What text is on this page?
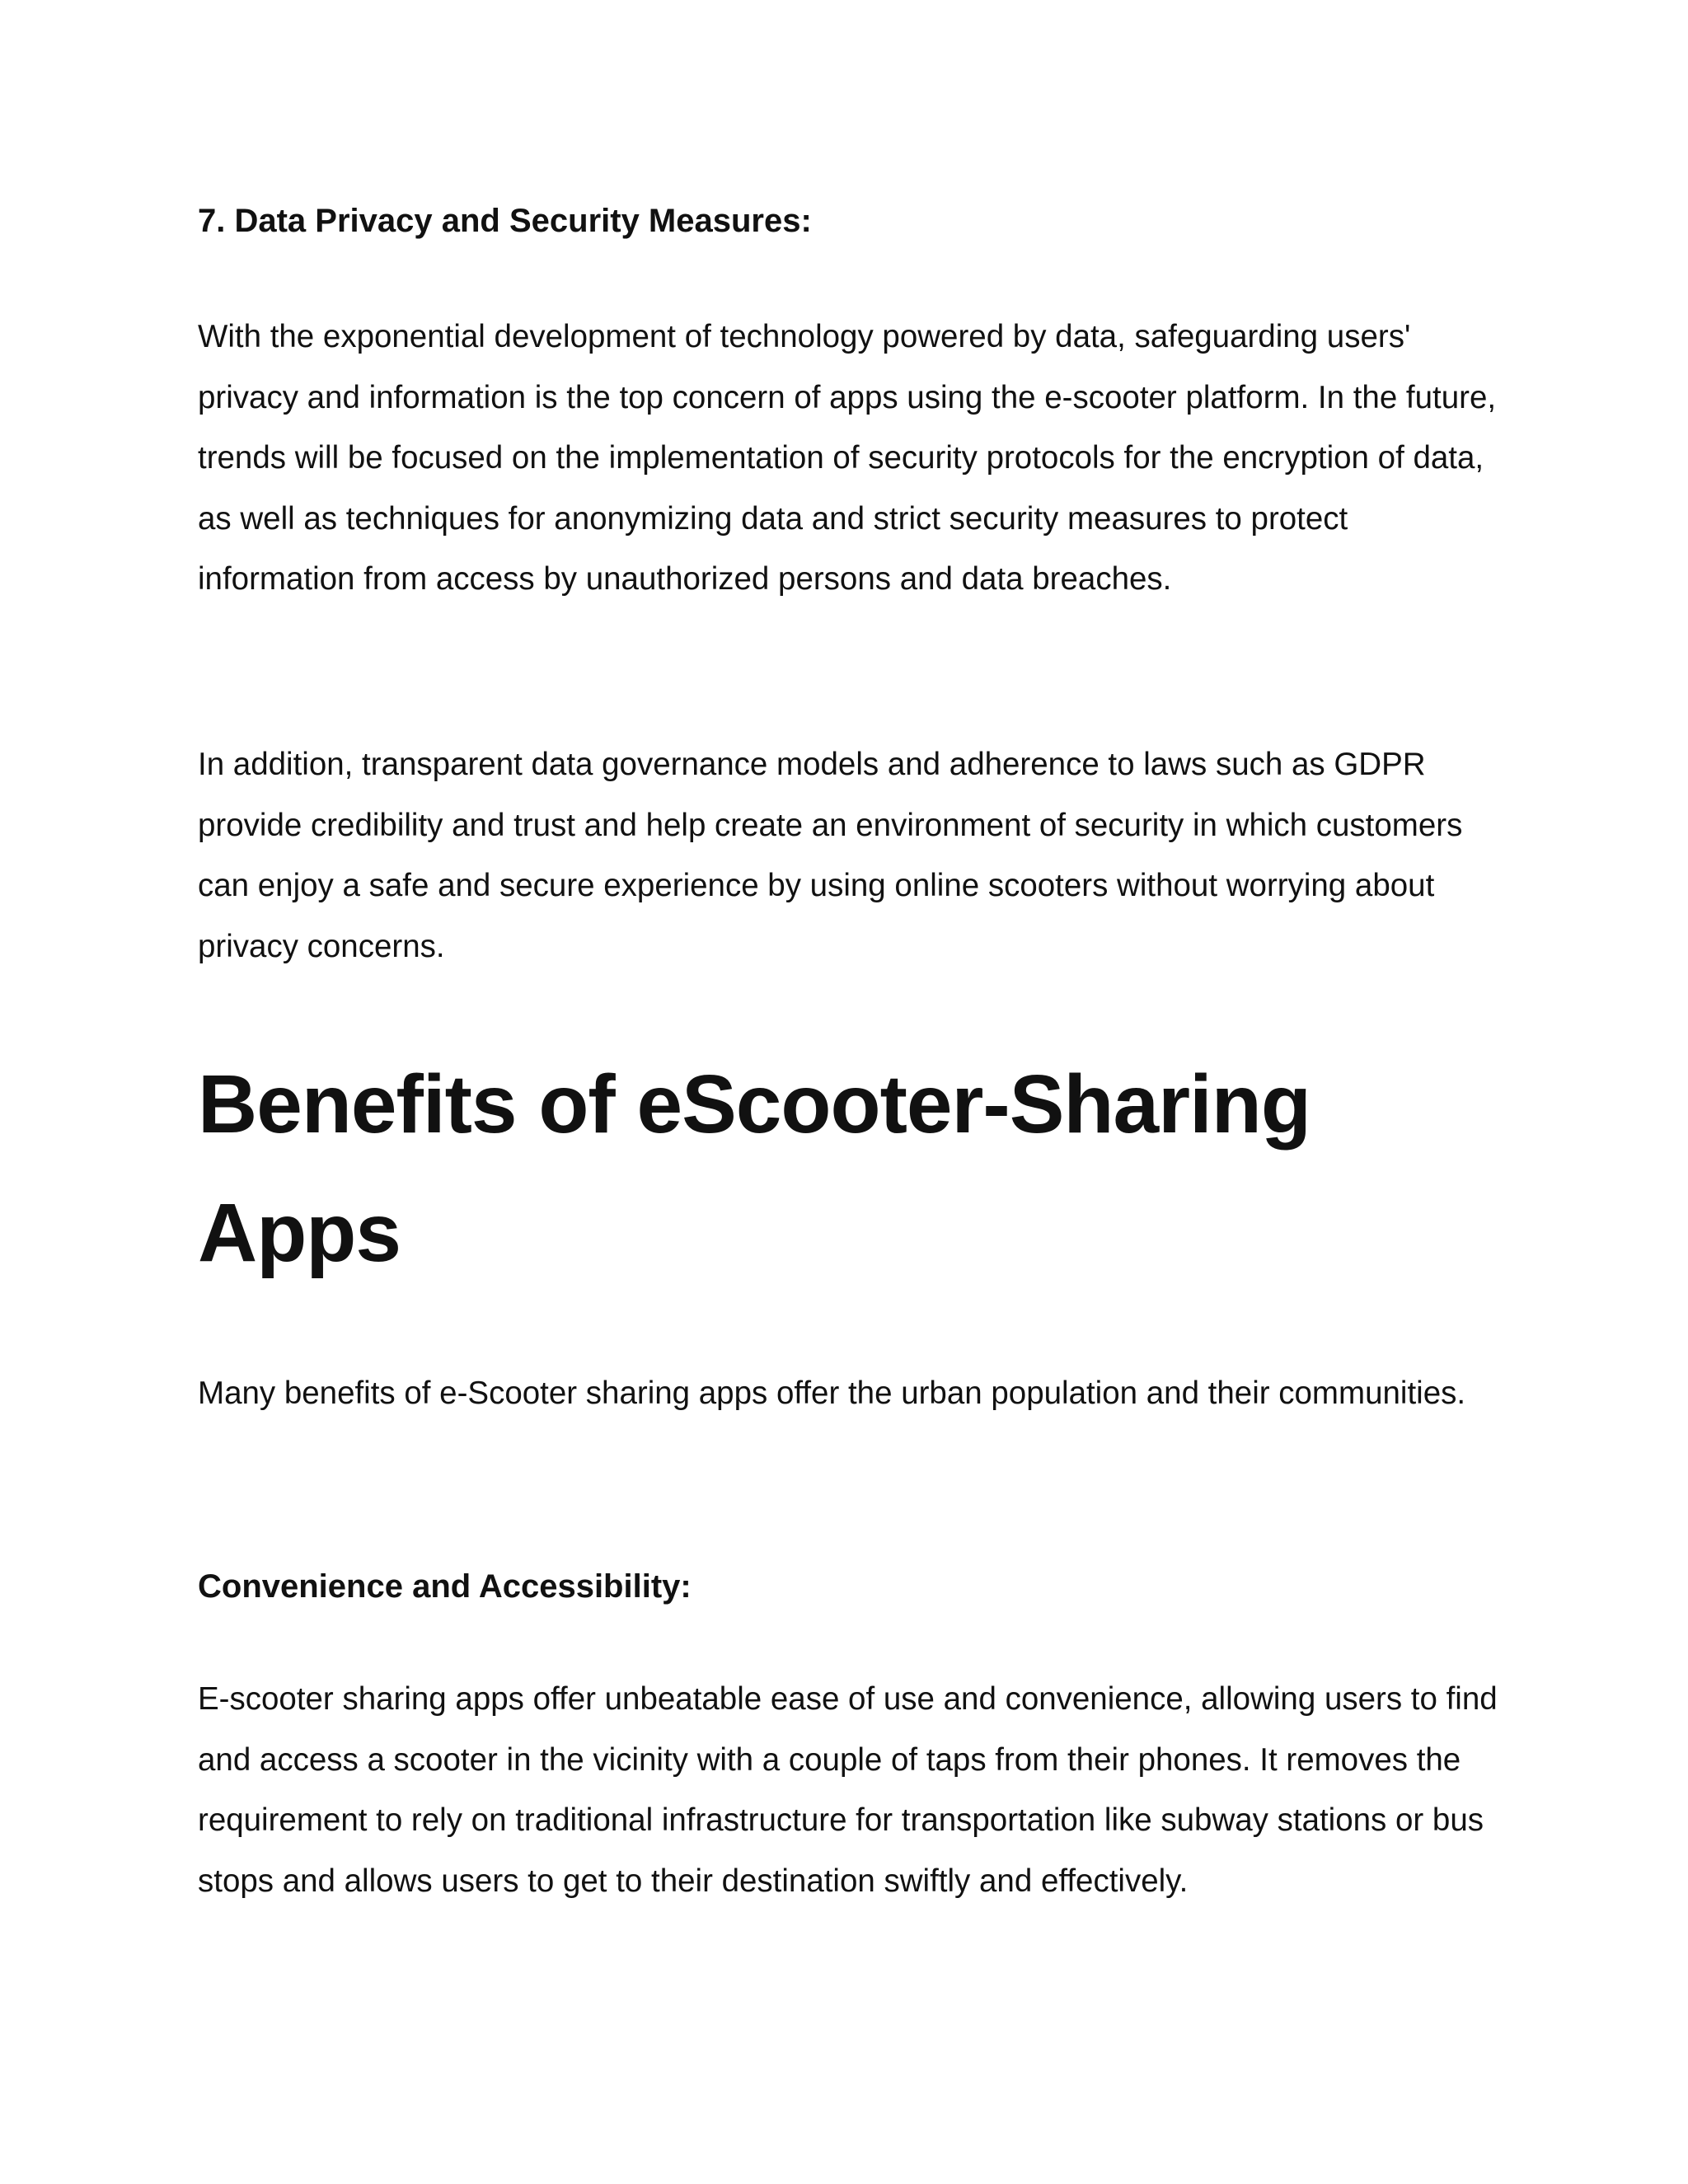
7. Data Privacy and Security Measures:

With the exponential development of technology powered by data, safeguarding users' privacy and information is the top concern of apps using the e-scooter platform. In the future, trends will be focused on the implementation of security protocols for the encryption of data, as well as techniques for anonymizing data and strict security measures to protect information from access by unauthorized persons and data breaches.

In addition, transparent data governance models and adherence to laws such as GDPR provide credibility and trust and help create an environment of security in which customers can enjoy a safe and secure experience by using online scooters without worrying about privacy concerns.

Benefits of eScooter-Sharing Apps

Many benefits of e-Scooter sharing apps offer the urban population and their communities.

Convenience and Accessibility:

E-scooter sharing apps offer unbeatable ease of use and convenience, allowing users to find and access a scooter in the vicinity with a couple of taps from their phones. It removes the requirement to rely on traditional infrastructure for transportation like subway stations or bus stops and allows users to get to their destination swiftly and effectively.
